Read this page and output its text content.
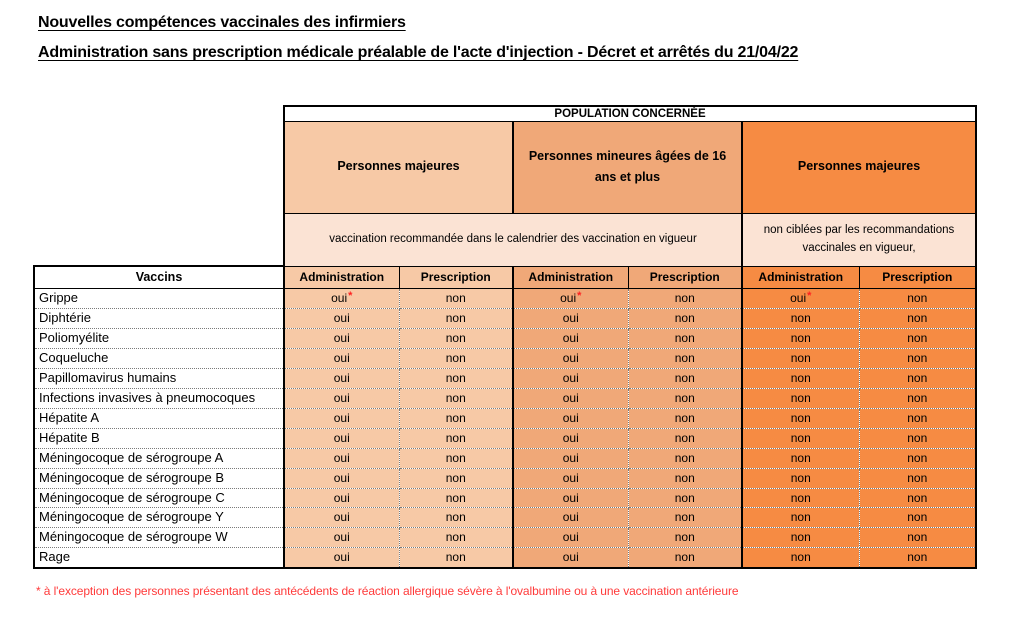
Nouvelles compétences vaccinales des infirmiers
Administration sans prescription médicale préalable de l'acte d'injection - Décret et arrêtés du 21/04/22
	POPULATION CONCERNÉE					
	Personnes majeures		Personnes mineures âgées de 16 ans et plus		Personnes majeures	
	vaccination recommandée dans le calendrier des vaccination en vigueur				non ciblées par les recommandations vaccinales en vigueur,	
Vaccins	Administration	Prescription	Administration	Prescription	Administration	Prescription
Grippe	oui*	non	oui*	non	oui*	non
Diphtérie	oui	non	oui	non	non	non
Poliomyélite	oui	non	oui	non	non	non
Coqueluche	oui	non	oui	non	non	non
Papillomavirus humains	oui	non	oui	non	non	non
Infections invasives à pneumocoques	oui	non	oui	non	non	non
Hépatite A	oui	non	oui	non	non	non
Hépatite B	oui	non	oui	non	non	non
Méningocoque de sérogroupe A	oui	non	oui	non	non	non
Méningocoque de sérogroupe B	oui	non	oui	non	non	non
Méningocoque de sérogroupe C	oui	non	oui	non	non	non
Méningocoque de sérogroupe Y	oui	non	oui	non	non	non
Méningocoque de sérogroupe W	oui	non	oui	non	non	non
Rage	oui	non	oui	non	non	non
* à l'exception des personnes présentant des antécédents de réaction allergique sévère à l'ovalbumine ou à une vaccination antérieure
